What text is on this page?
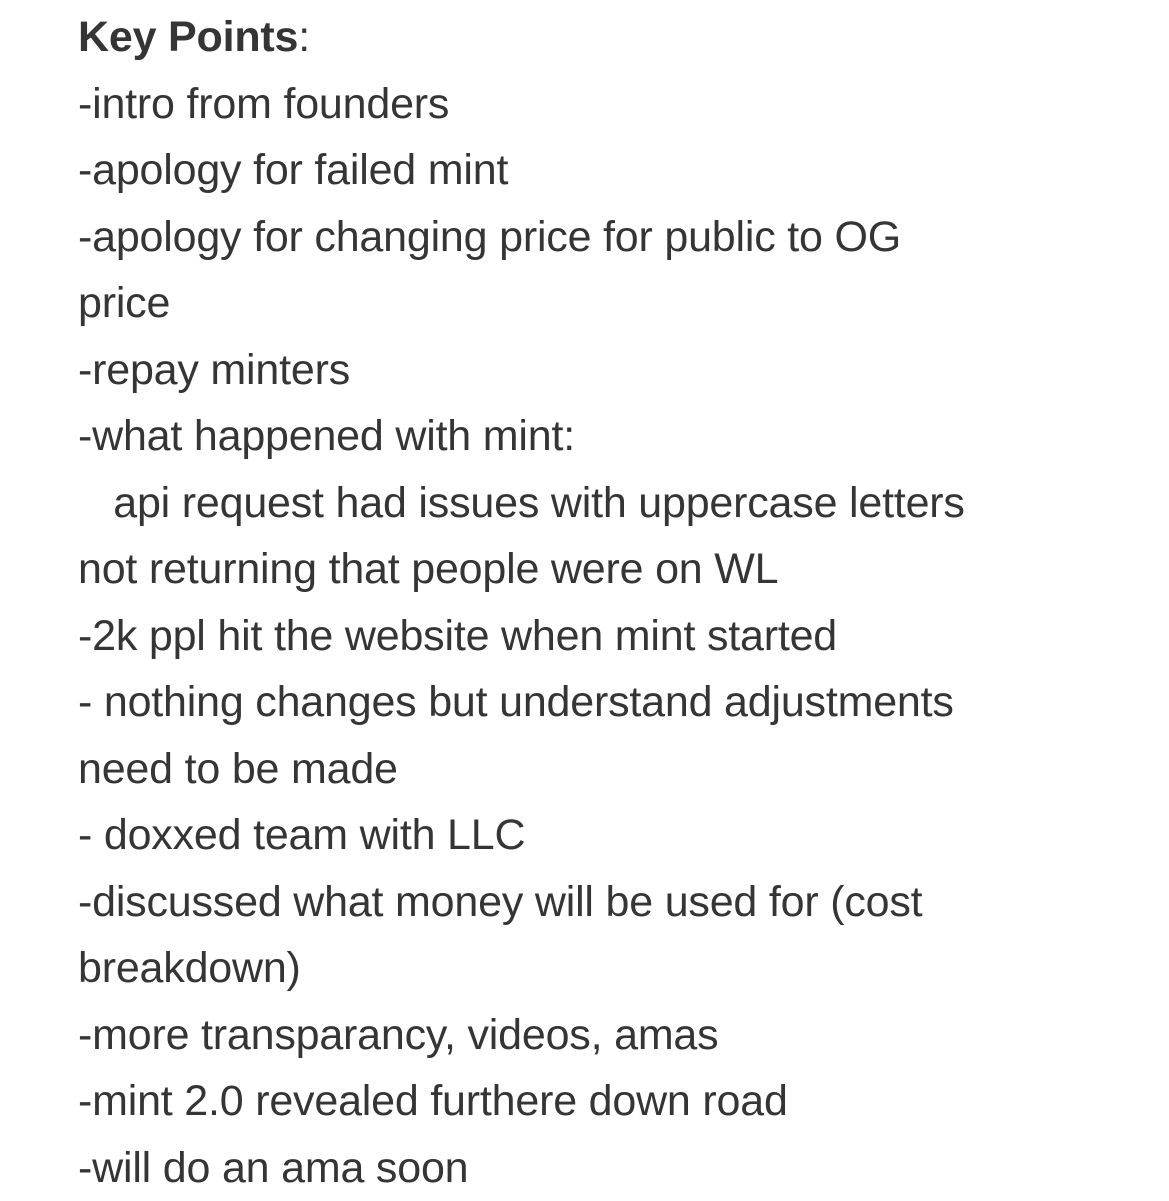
Key Points:
-intro from founders
-apology for failed mint
-apology for changing price for public to OG
price
-repay minters
-what happened with mint:
api request had issues with uppercase letters
not returning that people were on WL
-2k ppl hit the website when mint started
- nothing changes but understand adjustments
need to be made
- doxxed team with LLC
-discussed what money will be used for (cost
breakdown)
-more transparancy, videos, amas
-mint 2.0 revealed furthere down road
-will do an ama soon
